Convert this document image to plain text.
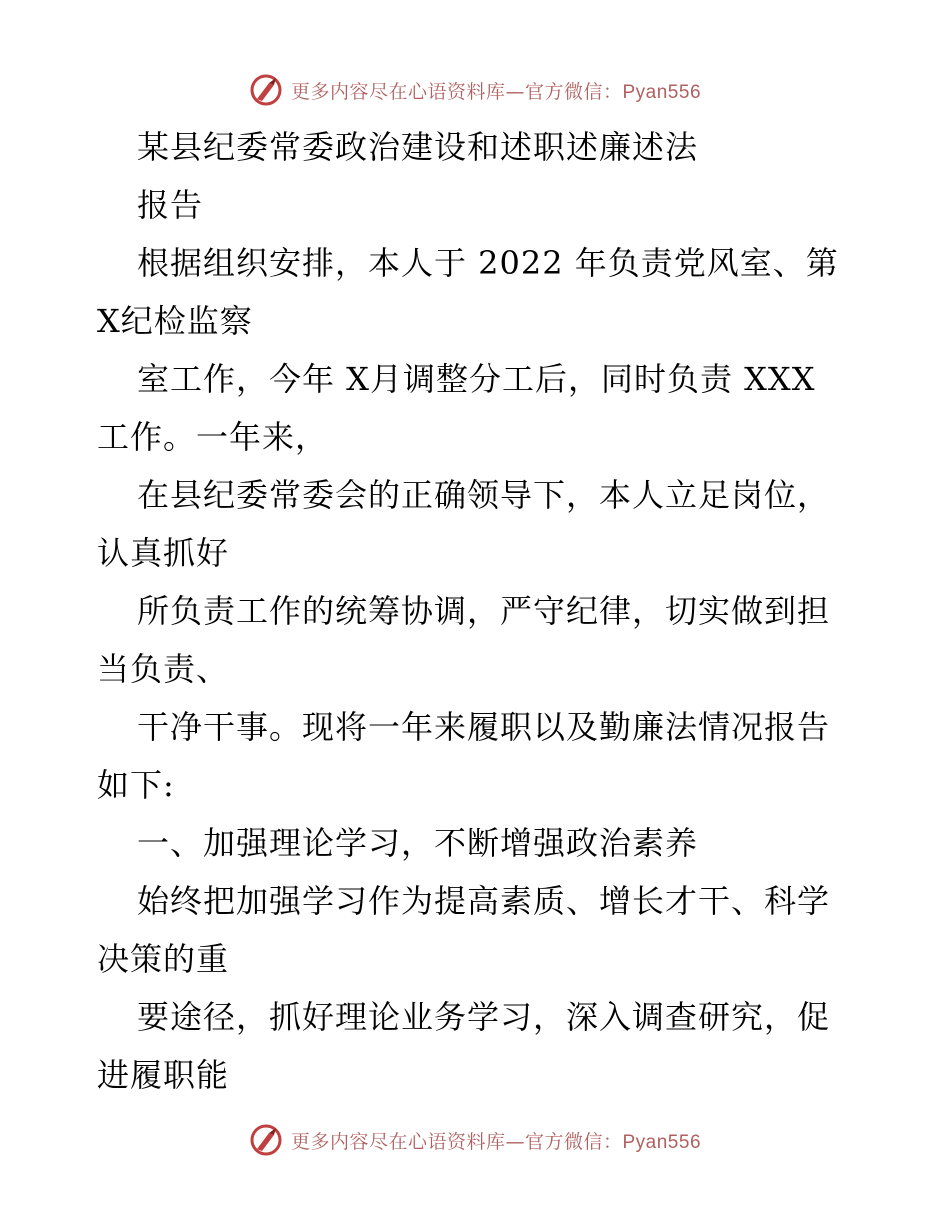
更多内容尽在心语资料库—官方微信：Pyan556
某县纪委常委政治建设和述职述廉述法
报告
根据组织安排，本人于 2022 年负责党风室、第
X纪检监察
室工作，今年 X月调整分工后，同时负责 XXX
工作。一年来，
在县纪委常委会的正确领导下，本人立足岗位，
认真抓好
所负责工作的统筹协调，严守纪律，切实做到担
当负责、
干净干事。现将一年来履职以及勤廉法情况报告
如下:
一、加强理论学习，不断增强政治素养
始终把加强学习作为提高素质、增长才干、科学
决策的重
要途径，抓好理论业务学习，深入调查研究，促
进履职能
更多内容尽在心语资料库—官方微信：Pyan556
